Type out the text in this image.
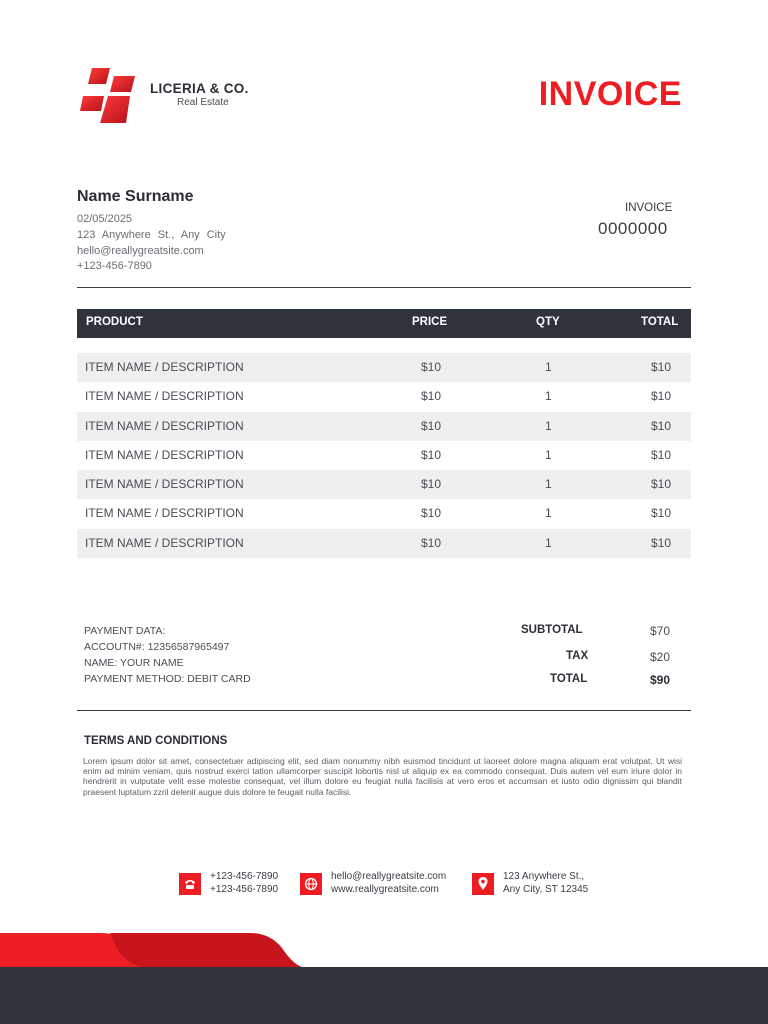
LICERIA & CO.
Real Estate	INVOICE
Name Surname
02/05/2025
123 Anywhere St., Any City
hello@reallygreatsite.com
+123-456-7890
INVOICE
0000000
PRODUCT	PRICE	QTY	TOTAL
ITEM NAME / DESCRIPTION	$10	1	$10
ITEM NAME / DESCRIPTION	$10	1	$10
ITEM NAME / DESCRIPTION	$10	1	$10
ITEM NAME / DESCRIPTION	$10	1	$10
ITEM NAME / DESCRIPTION	$10	1	$10
ITEM NAME / DESCRIPTION	$10	1	$10
ITEM NAME / DESCRIPTION	$10	1	$10
PAYMENT DATA:
ACCOUTN#: 12356587965497
NAME: YOUR NAME
PAYMENT METHOD: DEBIT CARD
SUBTOTAL	$70
TAX	$20
TOTAL	$90
TERMS AND CONDITIONS
Lorem ipsum dolor sit amet, consectetuer adipiscing elit, sed diam nonummy nibh euismod tincidunt ut laoreet dolore magna aliquam erat volutpat. Ut wisi enim ad minim veniam, quis nostrud exerci tation ullamcorper suscipit lobortis nisl ut aliquip ex ea commodo consequat. Duis autem vel eum iriure dolor in hendrerit in vulputate velit esse molestie consequat, vel illum dolore eu feugiat nulla facilisis at vero eros et accumsan et iusto odio dignissim qui blandit praesent luptatum zzril delenit augue duis dolore te feugait nulla facilisi.
+123-456-7890
+123-456-7890
hello@reallygreatsite.com
www.reallygreatsite.com
123 Anywhere St.,
Any City, ST 12345
